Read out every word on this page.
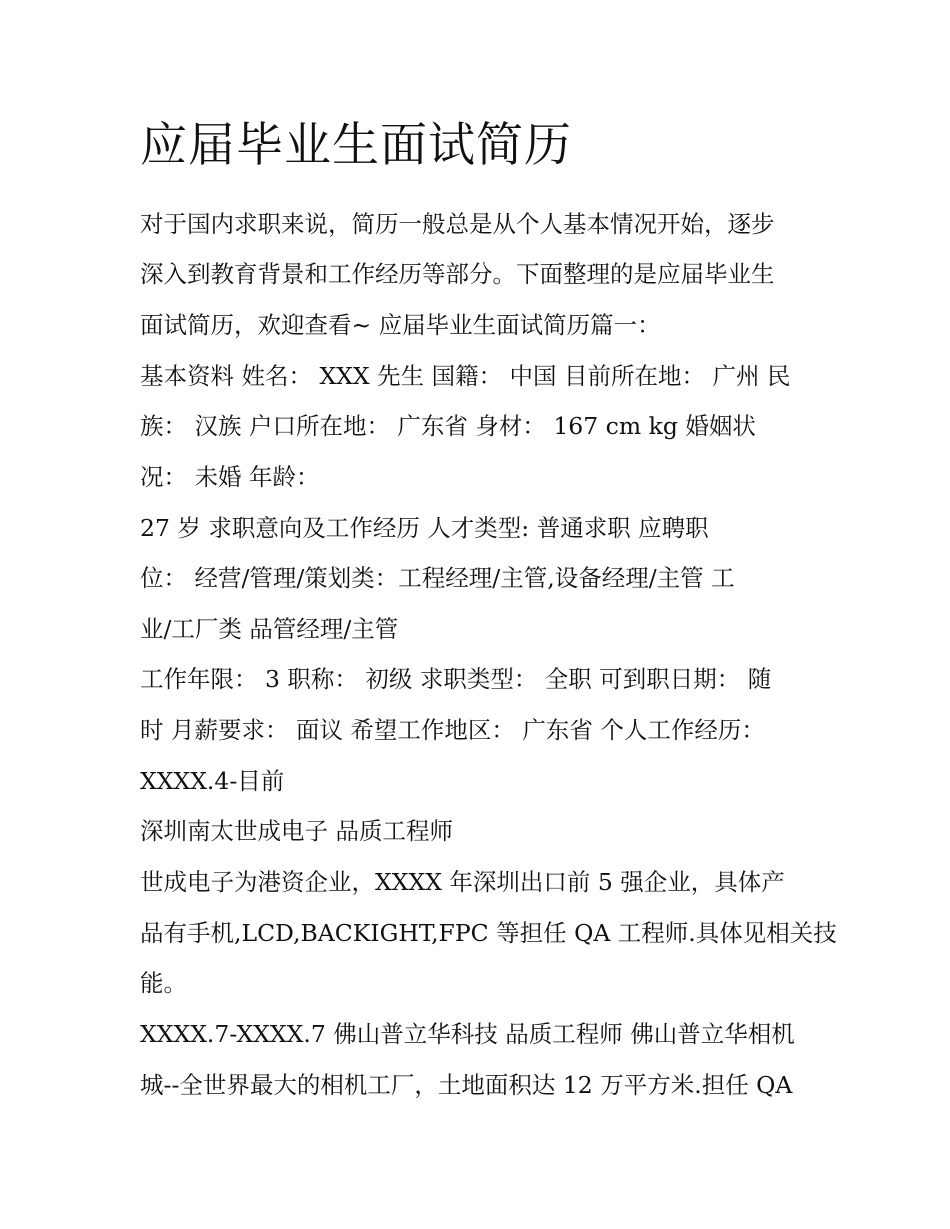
应届毕业生面试简历

对于国内求职来说，简历一般总是从个人基本情况开始，逐步

深入到教育背景和工作经历等部分。下面整理的是应届毕业生

面试简历，欢迎查看~ 应届毕业生面试简历篇一：

基本资料 姓名： XXX 先生 国籍： 中国 目前所在地： 广州 民

族： 汉族 户口所在地： 广东省 身材： 167 cm kg 婚姻状

况： 未婚 年龄：

27 岁 求职意向及工作经历 人才类型: 普通求职 应聘职

位： 经营/管理/策划类：工程经理/主管,设备经理/主管 工

业/工厂类 品管经理/主管

工作年限： 3 职称： 初级 求职类型： 全职 可到职日期： 随

时 月薪要求： 面议 希望工作地区： 广东省 个人工作经历：

XXXX.4-目前

深圳南太世成电子 品质工程师

世成电子为港资企业，XXXX 年深圳出口前 5 强企业，具体产

品有手机,LCD,BACKIGHT,FPC 等担任 QA 工程师.具体见相关技

能。

XXXX.7-XXXX.7 佛山普立华科技 品质工程师 佛山普立华相机

城--全世界最大的相机工厂，土地面积达 12 万平方米.担任 QA
